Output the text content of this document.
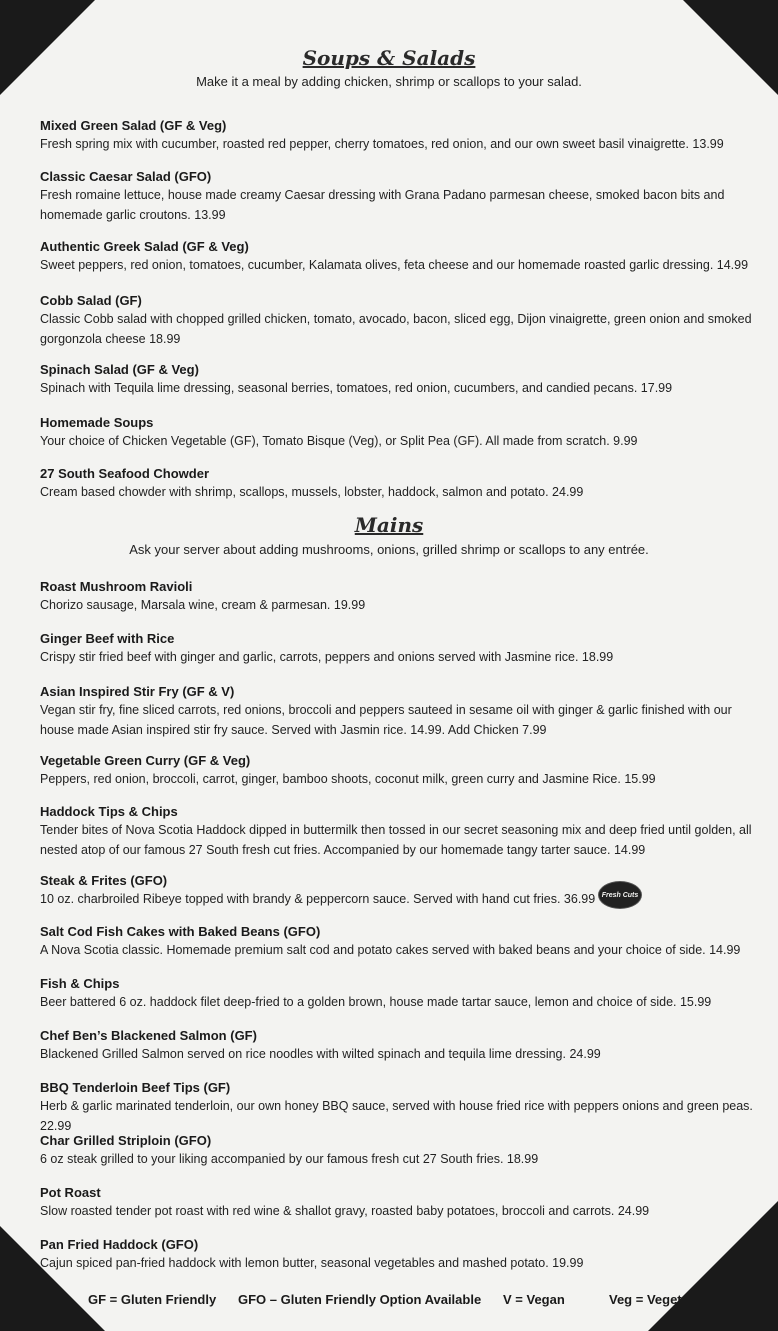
Soups & Salads
Make it a meal by adding chicken, shrimp or scallops to your salad.
Mixed Green Salad (GF & Veg)
Fresh spring mix with cucumber, roasted red pepper, cherry tomatoes, red onion, and our own sweet basil vinaigrette. 13.99
Classic Caesar Salad (GFO)
Fresh romaine lettuce, house made creamy Caesar dressing with Grana Padano parmesan cheese, smoked bacon bits and homemade garlic croutons. 13.99
Authentic Greek Salad (GF & Veg)
Sweet peppers, red onion, tomatoes, cucumber, Kalamata olives, feta cheese and our homemade roasted garlic dressing. 14.99
Cobb Salad (GF)
Classic Cobb salad with chopped grilled chicken, tomato, avocado, bacon, sliced egg, Dijon vinaigrette, green onion and smoked gorgonzola cheese 18.99
Spinach Salad (GF & Veg)
Spinach with Tequila lime dressing, seasonal berries, tomatoes, red onion, cucumbers, and candied pecans. 17.99
Homemade Soups
Your choice of Chicken Vegetable (GF), Tomato Bisque (Veg), or Split Pea (GF). All made from scratch. 9.99
27 South Seafood Chowder
Cream based chowder with shrimp, scallops, mussels, lobster, haddock, salmon and potato. 24.99
Mains
Ask your server about adding mushrooms, onions, grilled shrimp or scallops to any entrée.
Roast Mushroom Ravioli
Chorizo sausage, Marsala wine, cream & parmesan. 19.99
Ginger Beef with Rice
Crispy stir fried beef with ginger and garlic, carrots, peppers and onions served with Jasmine rice. 18.99
Asian Inspired Stir Fry (GF & V)
Vegan stir fry, fine sliced carrots, red onions, broccoli and peppers sauteed in sesame oil with ginger & garlic finished with our house made Asian inspired stir fry sauce. Served with Jasmin rice. 14.99. Add Chicken 7.99
Vegetable Green Curry (GF & Veg)
Peppers, red onion, broccoli, carrot, ginger, bamboo shoots, coconut milk, green curry and Jasmine Rice. 15.99
Haddock Tips & Chips
Tender bites of Nova Scotia Haddock dipped in buttermilk then tossed in our secret seasoning mix and deep fried until golden, all nested atop of our famous 27 South fresh cut fries. Accompanied by our homemade tangy tarter sauce. 14.99
Steak & Frites (GFO)
10 oz. charbroiled Ribeye topped with brandy & peppercorn sauce. Served with hand cut fries. 36.99
Salt Cod Fish Cakes with Baked Beans (GFO)
A Nova Scotia classic. Homemade premium salt cod and potato cakes served with baked beans and your choice of side. 14.99
Fish & Chips
Beer battered 6 oz. haddock filet deep-fried to a golden brown, house made tartar sauce, lemon and choice of side. 15.99
Chef Ben’s Blackened Salmon (GF)
Blackened Grilled Salmon served on rice noodles with wilted spinach and tequila lime dressing. 24.99
BBQ Tenderloin Beef Tips (GF)
Herb & garlic marinated tenderloin, our own honey BBQ sauce, served with house fried rice with peppers onions and green peas. 22.99
Char Grilled Striploin (GFO)
6 oz steak grilled to your liking accompanied by our famous fresh cut 27 South fries. 18.99
Pot Roast
Slow roasted tender pot roast with red wine & shallot gravy, roasted baby potatoes, broccoli and carrots. 24.99
Pan Fried Haddock (GFO)
Cajun spiced pan-fried haddock with lemon butter, seasonal vegetables and mashed potato. 19.99
Fresh Cuts
GF = Gluten Friendly GFO – Gluten Friendly Option Available V = Vegan	Veg = Vegetarian
